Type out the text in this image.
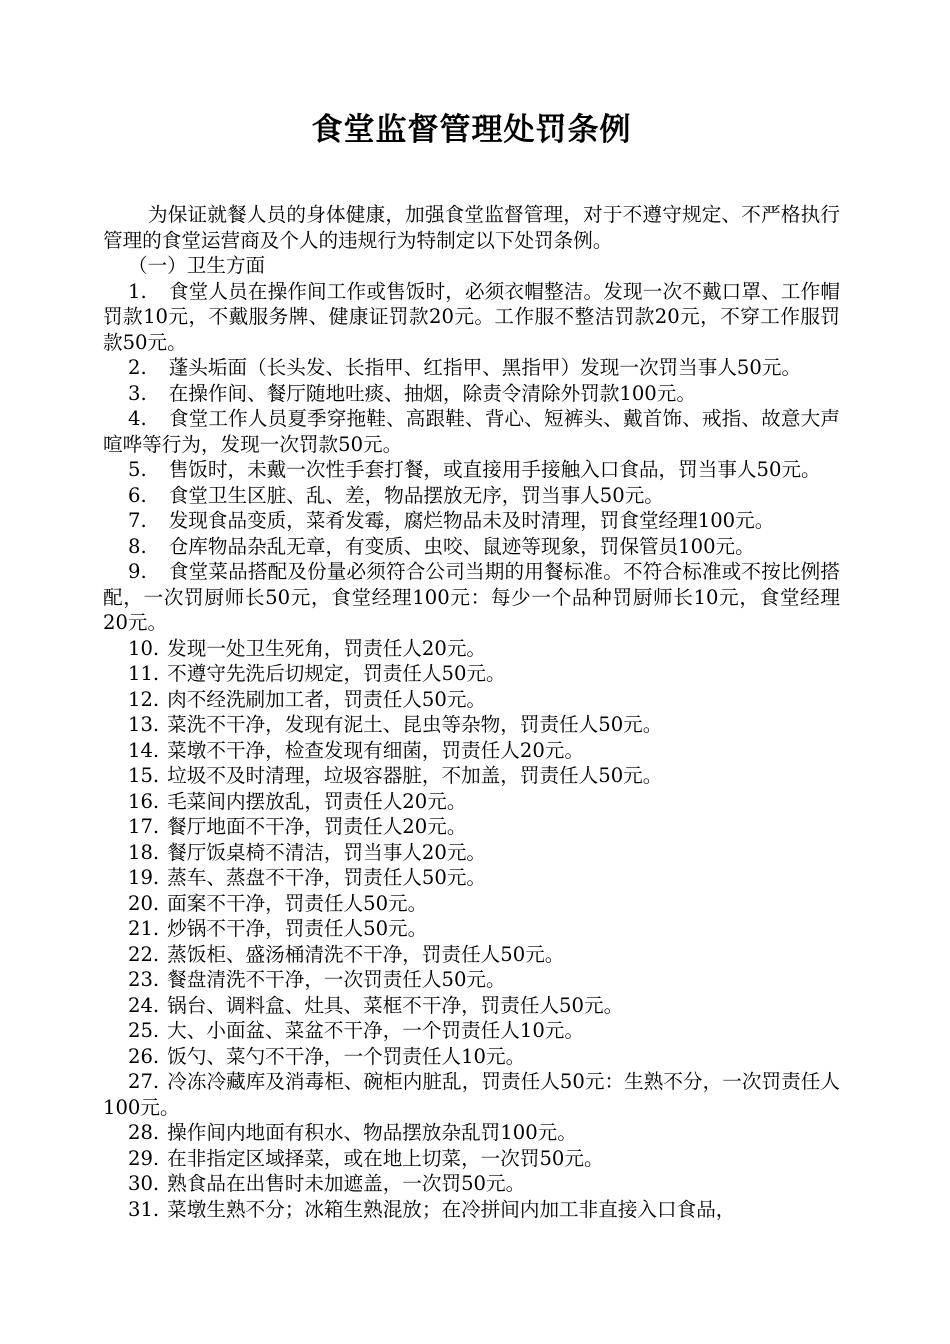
食堂监督管理处罚条例

为保证就餐人员的身体健康，加强食堂监督管理，对于不遵守规定、不严格执行管理的食堂运营商及个人的违规行为特制定以下处罚条例。

（一）卫生方面

1. 食堂人员在操作间工作或售饭时，必须衣帽整洁。发现一次不戴口罩、工作帽罚款10元，不戴服务牌、健康证罚款20元。工作服不整洁罚款20元，不穿工作服罚款50元。

2. 蓬头垢面（长头发、长指甲、红指甲、黑指甲）发现一次罚当事人50元。

3. 在操作间、餐厅随地吐痰、抽烟，除责令清除外罚款100元。

4. 食堂工作人员夏季穿拖鞋、高跟鞋、背心、短裤头、戴首饰、戒指、故意大声喧哗等行为，发现一次罚款50元。

5. 售饭时，未戴一次性手套打餐，或直接用手接触入口食品，罚当事人50元。

6. 食堂卫生区脏、乱、差，物品摆放无序，罚当事人50元。

7. 发现食品变质，菜肴发霉，腐烂物品未及时清理，罚食堂经理100元。

8. 仓库物品杂乱无章，有变质、虫咬、鼠迹等现象，罚保管员100元。

9. 食堂菜品搭配及份量必须符合公司当期的用餐标准。不符合标准或不按比例搭配，一次罚厨师长50元，食堂经理100元：每少一个品种罚厨师长10元，食堂经理20元。

10. 发现一处卫生死角，罚责任人20元。

11. 不遵守先洗后切规定，罚责任人50元。

12. 肉不经洗刷加工者，罚责任人50元。

13. 菜洗不干净，发现有泥土、昆虫等杂物，罚责任人50元。

14. 菜墩不干净，检查发现有细菌，罚责任人20元。

15. 垃圾不及时清理，垃圾容器脏，不加盖，罚责任人50元。

16. 毛菜间内摆放乱，罚责任人20元。

17. 餐厅地面不干净，罚责任人20元。

18. 餐厅饭桌椅不清洁，罚当事人20元。

19. 蒸车、蒸盘不干净，罚责任人50元。

20. 面案不干净，罚责任人50元。

21. 炒锅不干净，罚责任人50元。

22. 蒸饭柜、盛汤桶清洗不干净，罚责任人50元。

23. 餐盘清洗不干净，一次罚责任人50元。

24. 锅台、调料盒、灶具、菜框不干净，罚责任人50元。

25. 大、小面盆、菜盆不干净，一个罚责任人10元。

26. 饭勺、菜勺不干净，一个罚责任人10元。

27. 冷冻冷藏库及消毒柜、碗柜内脏乱，罚责任人50元：生熟不分，一次罚责任人100元。

28. 操作间内地面有积水、物品摆放杂乱罚100元。

29. 在非指定区域择菜，或在地上切菜，一次罚50元。

30. 熟食品在出售时未加遮盖，一次罚50元。

31. 菜墩生熟不分；冰箱生熟混放；在冷拼间内加工非直接入口食品，
